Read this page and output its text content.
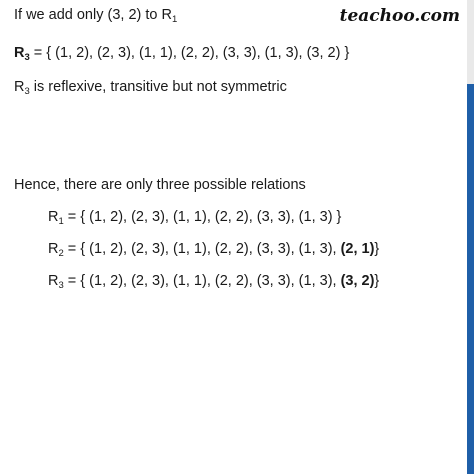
teachoo.com
If we add only (3, 2) to $R_1$
$R_3$ = { (1, 2), (2, 3), (1, 1), (2, 2), (3, 3), (1, 3), (3, 2) }
$R_3$ is reflexive, transitive but not symmetric
Hence, there are only three possible relations
$R_1$ = { (1, 2), (2, 3), (1, 1), (2, 2), (3, 3), (1, 3) }
$R_2$ = { (1, 2), (2, 3), (1, 1), (2, 2), (3, 3), (1, 3), (2, 1)}
$R_3$ = { (1, 2), (2, 3), (1, 1), (2, 2), (3, 3), (1, 3), (3, 2)}
